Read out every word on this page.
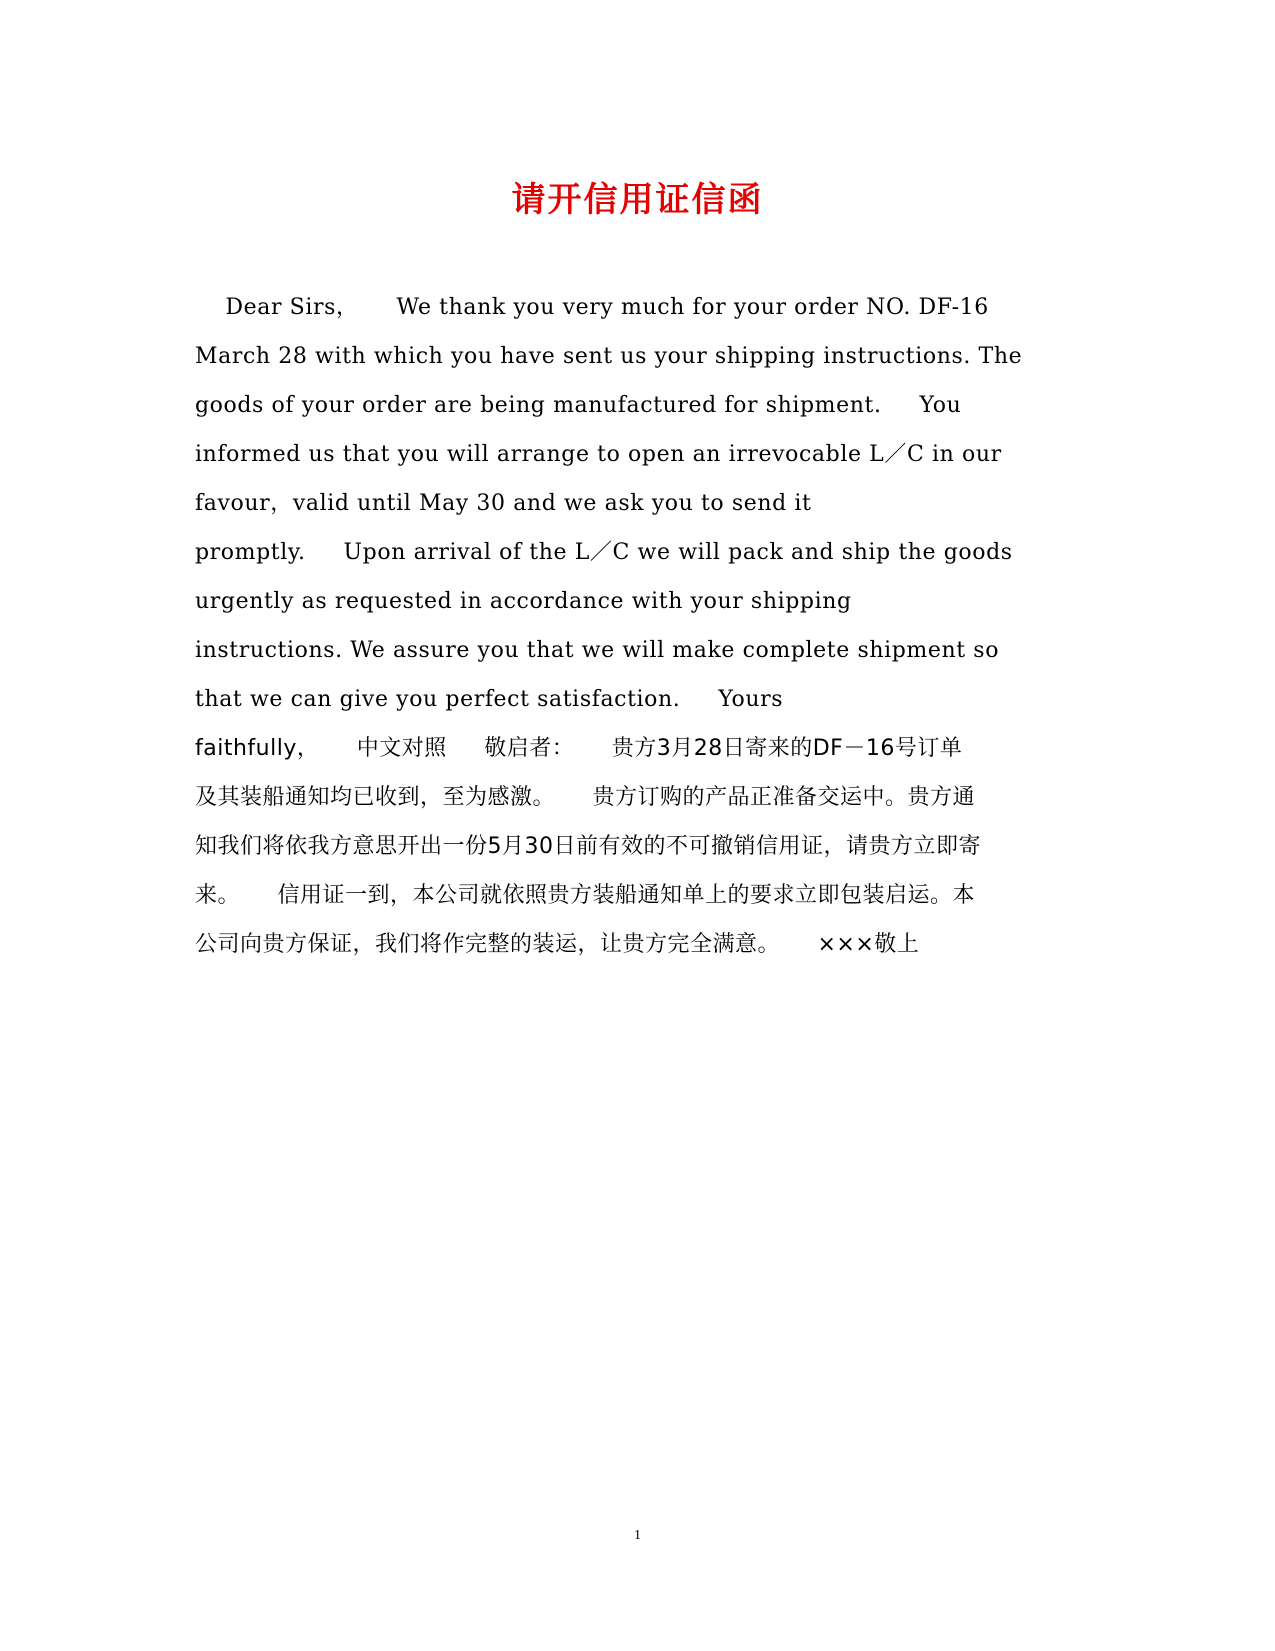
请开信用证信函
Dear Sirs，     We thank you very much for your order NO. DF-16
March 28 with which you have sent us your shipping instructions. The
goods of your order are being manufactured for shipment.     You
informed us that you will arrange to open an irrevocable L／C in our
favour，valid until May 30 and we ask you to send it
promptly.     Upon arrival of the L／C we will pack and ship the goods
urgently as requested in accordance with your shipping
instructions. We assure you that we will make complete shipment so
that we can give you perfect satisfaction.     Yours
faithfully，     中文对照     敬启者：     贵方3月28日寄来的DF－16号订单
及其装船通知均已收到，至为感激。     贵方订购的产品正准备交运中。贵方通
知我们将依我方意思开出一份5月30日前有效的不可撤销信用证，请贵方立即寄
来。     信用证一到，本公司就依照贵方装船通知单上的要求立即包装启运。本
公司向贵方保证，我们将作完整的装运，让贵方完全满意。     ×××敬上
1
